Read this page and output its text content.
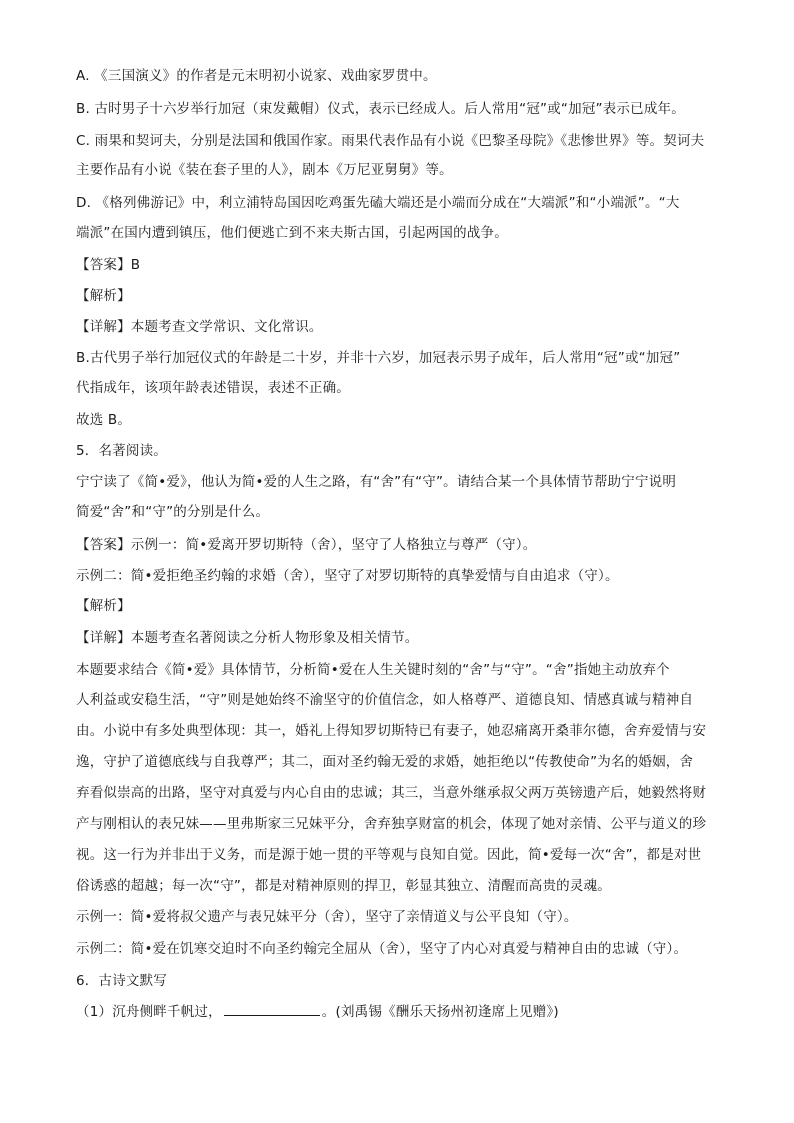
A. 《三国演义》的作者是元末明初小说家、戏曲家罗贯中。
B. 古时男子十六岁举行加冠（束发戴帽）仪式，表示已经成人。后人常用“冠”或“加冠”表示已成年。
C. 雨果和契诃夫，分别是法国和俄国作家。雨果代表作品有小说《巴黎圣母院》《悲惨世界》等。契诃夫
主要作品有小说《装在套子里的人》，剧本《万尼亚舅舅》等。
D. 《格列佛游记》中，利立浦特岛国因吃鸡蛋先磕大端还是小端而分成在“大端派”和“小端派”。“大
端派”在国内遭到镇压，他们便逃亡到不来夫斯古国，引起两国的战争。
【答案】B
【解析】
【详解】本题考查文学常识、文化常识。
B.古代男子举行加冠仪式的年龄是二十岁，并非十六岁，加冠表示男子成年，后人常用“冠”或“加冠”
代指成年，该项年龄表述错误，表述不正确。
故选 B。
5．名著阅读。
宁宁读了《简•爱》，他认为简•爱的人生之路，有“舍”有“守”。请结合某一个具体情节帮助宁宁说明
简爱“舍”和“守”的分别是什么。
【答案】示例一：简•爱离开罗切斯特（舍），坚守了人格独立与尊严（守）。
示例二：简•爱拒绝圣约翰的求婚（舍），坚守了对罗切斯特的真挚爱情与自由追求（守）。
【解析】
【详解】本题考查名著阅读之分析人物形象及相关情节。
本题要求结合《简•爱》具体情节，分析简•爱在人生关键时刻的“舍”与“守”。“舍”指她主动放弃个
人利益或安稳生活，“守”则是她始终不渝坚守的价值信念，如人格尊严、道德良知、情感真诚与精神自
由。小说中有多处典型体现：其一，婚礼上得知罗切斯特已有妻子，她忍痛离开桑菲尔德，舍弃爱情与安
逸，守护了道德底线与自我尊严；其二，面对圣约翰无爱的求婚，她拒绝以“传教使命”为名的婚姻，舍
弃看似崇高的出路，坚守对真爱与内心自由的忠诚；其三，当意外继承叔父两万英镑遗产后，她毅然将财
产与刚相认的表兄妹——里弗斯家三兄妹平分，舍弃独享财富的机会，体现了她对亲情、公平与道义的珍
视。这一行为并非出于义务，而是源于她一贯的平等观与良知自觉。因此，简•爱每一次“舍”，都是对世
俗诱惑的超越；每一次“守”，都是对精神原则的捍卫，彰显其独立、清醒而高贵的灵魂。
示例一：简•爱将叔父遗产与表兄妹平分（舍），坚守了亲情道义与公平良知（守）。
示例二：简•爱在饥寒交迫时不向圣约翰完全屈从（舍），坚守了内心对真爱与精神自由的忠诚（守）。
6．古诗文默写
（1）沉舟侧畔千帆过，	。(刘禹锡《酬乐天扬州初逢席上见赠》)
